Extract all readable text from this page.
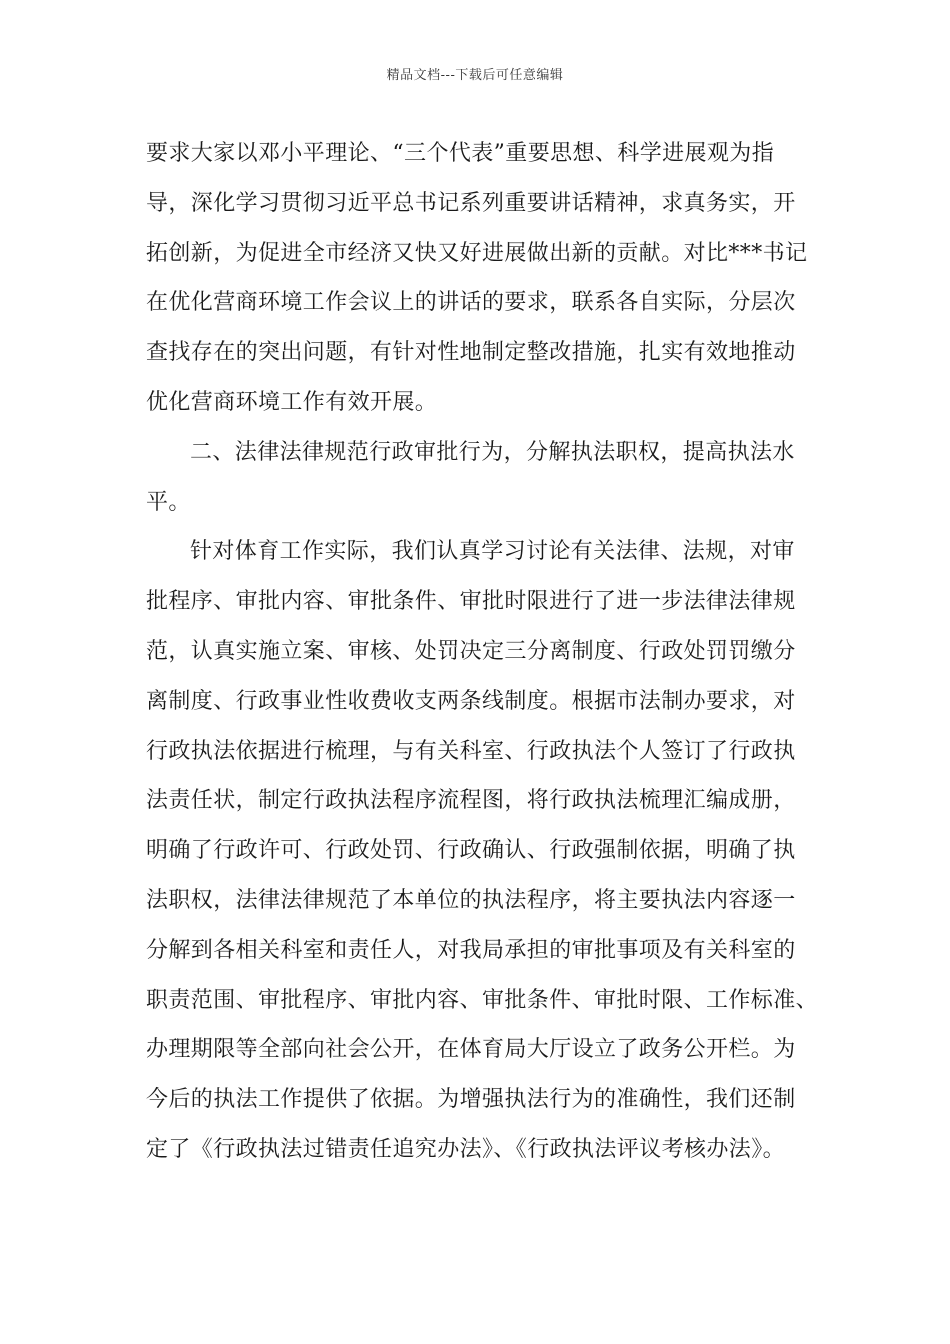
精品文档---下载后可任意编辑
要求大家以邓小平理论、“三个代表”重要思想、科学进展观为指
导，深化学习贯彻习近平总书记系列重要讲话精神，求真务实，开
拓创新，为促进全市经济又快又好进展做出新的贡献。对比***书记
在优化营商环境工作会议上的讲话的要求，联系各自实际，分层次
查找存在的突出问题，有针对性地制定整改措施，扎实有效地推动
优化营商环境工作有效开展。
二、法律法律规范行政审批行为，分解执法职权，提高执法水
平。
针对体育工作实际，我们认真学习讨论有关法律、法规，对审
批程序、审批内容、审批条件、审批时限进行了进一步法律法律规
范，认真实施立案、审核、处罚决定三分离制度、行政处罚罚缴分
离制度、行政事业性收费收支两条线制度。根据市法制办要求，对
行政执法依据进行梳理，与有关科室、行政执法个人签订了行政执
法责任状，制定行政执法程序流程图，将行政执法梳理汇编成册，
明确了行政许可、行政处罚、行政确认、行政强制依据，明确了执
法职权，法律法律规范了本单位的执法程序，将主要执法内容逐一
分解到各相关科室和责任人，对我局承担的审批事项及有关科室的
职责范围、审批程序、审批内容、审批条件、审批时限、工作标准、
办理期限等全部向社会公开，在体育局大厅设立了政务公开栏。为
今后的执法工作提供了依据。为增强执法行为的准确性，我们还制
定了《行政执法过错责任追究办法》、《行政执法评议考核办法》。
